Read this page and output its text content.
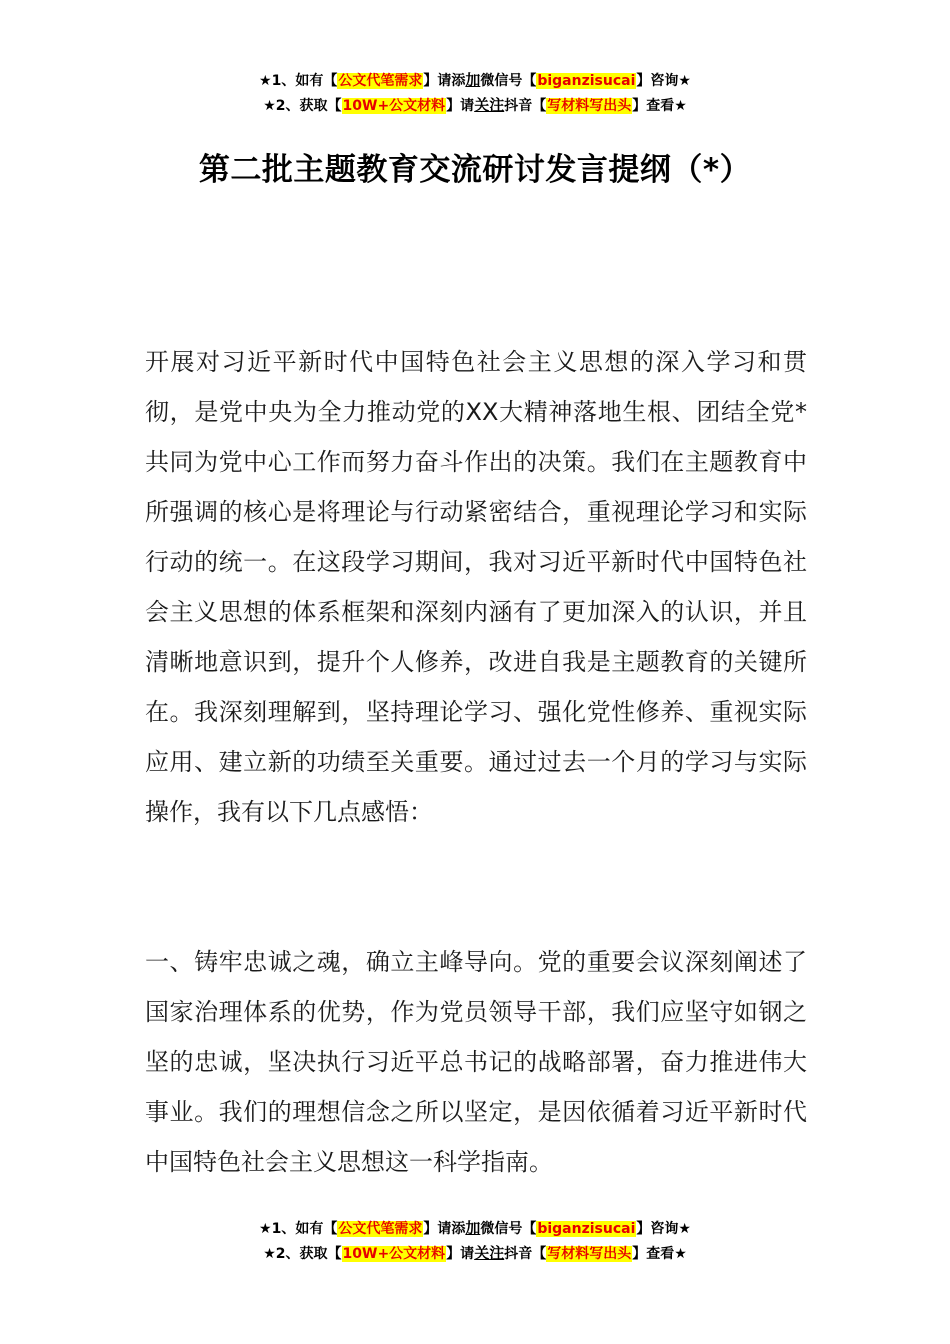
★1、如有【公文代笔需求】请添加微信号【biganzisucai】咨询★
★2、获取【10W+公文材料】请关注抖音【写材料写出头】查看★
第二批主题教育交流研讨发言提纲（*）

开展对习近平新时代中国特色社会主义思想的深入学习和贯彻，是党中央为全力推动党的XX大精神落地生根、团结全党*共同为党中心工作而努力奋斗作出的决策。我们在主题教育中所强调的核心是将理论与行动紧密结合，重视理论学习和实际行动的统一。在这段学习期间，我对习近平新时代中国特色社会主义思想的体系框架和深刻内涵有了更加深入的认识，并且清晰地意识到，提升个人修养，改进自我是主题教育的关键所在。我深刻理解到，坚持理论学习、强化党性修养、重视实际应用、建立新的功绩至关重要。通过过去一个月的学习与实际操作，我有以下几点感悟：

一、铸牢忠诚之魂，确立主峰导向。党的重要会议深刻阐述了国家治理体系的优势，作为党员领导干部，我们应坚守如钢之坚的忠诚，坚决执行习近平总书记的战略部署，奋力推进伟大事业。我们的理想信念之所以坚定，是因依循着习近平新时代中国特色社会主义思想这一科学指南。

★1、如有【公文代笔需求】请添加微信号【biganzisucai】咨询★
★2、获取【10W+公文材料】请关注抖音【写材料写出头】查看★
